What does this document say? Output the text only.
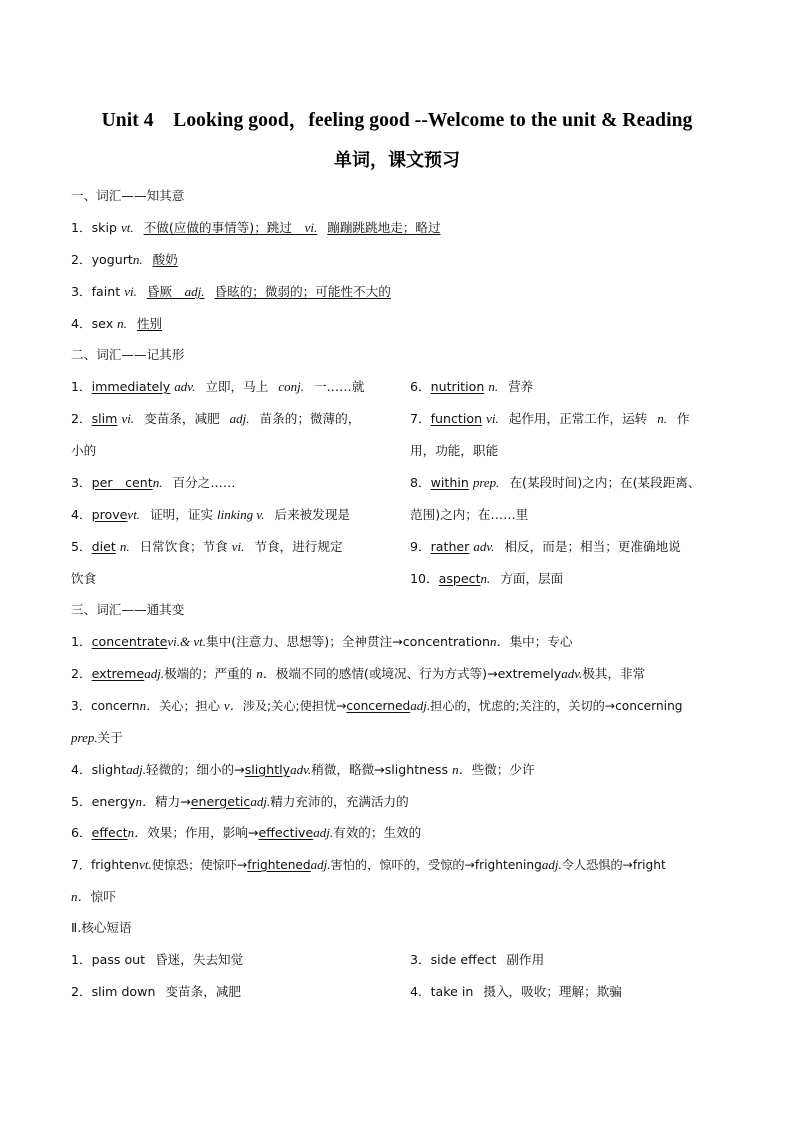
Unit 4　Looking good，feeling good --Welcome to the unit & Reading
单词，课文预习
一、词汇——知其意
1．skip vt. 不做(应做的事情等)；跳过__vi. 蹦蹦跳跳地走；略过
2．yogurtn. 酸奶
3．faint vi. 昏厥__adj. 昏眩的；微弱的；可能性不大的
4．sex n. 性别
二、词汇——记其形
1．immediately adv. 立即，马上 conj. 一……就
2．slim vi. 变苗条，减肥 adj. 苗条的；微薄的，
小的
3．per__centn. 百分之……
4．provevt. 证明，证实 linking v. 后来被发现是
5．diet n. 日常饮食；节食 vi. 节食，进行规定
饮食
6．nutrition n. 营养
7．function vi. 起作用，正常工作，运转 n. 作
用，功能，职能
8．within prep. 在(某段时间)之内；在(某段距离、
范围)之内；在……里
9．rather adv. 相反，而是；相当；更准确地说
10．aspectn. 方面，层面
三、词汇——通其变
1．concentratevi.& vt.集中(注意力、思想等)；全神贯注→concentrationn．集中；专心
2．extremeadj.极端的；严重的 n．极端不同的感情(或境况、行为方式等)→extremelyadv.极其，非常
3．concernn．关心；担心 v．涉及;关心;使担忧→concernedadj.担心的，忧虑的;关注的，关切的→concerning
prep.关于
4．slightadj.轻微的；细小的→slightlyadv.稍微，略微→slightness n．些微；少许
5．energyn．精力→energeticadj.精力充沛的，充满活力的
6．effectn．效果；作用，影响→effectiveadj.有效的；生效的
7．frightenvt.使惊恐；使惊吓→frightenedadj.害怕的，惊吓的，受惊的→frighteningadj.令人恐惧的→fright
n．惊吓
Ⅱ.核心短语
1．pass out 昏迷，失去知觉	3．side effect 副作用
2．slim down 变苗条，减肥	4．take in 摄入，吸收；理解；欺骗
